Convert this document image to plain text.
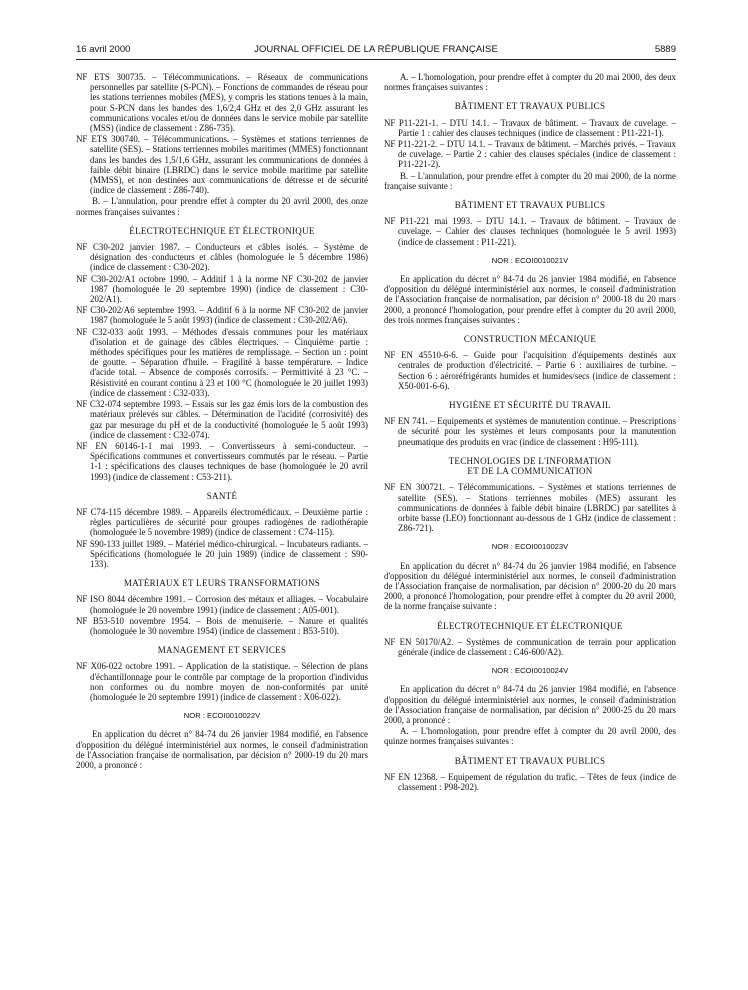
16 avril 2000	JOURNAL OFFICIEL DE LA RÉPUBLIQUE FRANÇAISE	5889
NF ETS 300735. – Télécommunications. – Réseaux de communications personnelles par satellite (S-PCN). – Fonctions de commandes de réseau pour les stations terriennes mobiles (MES), y compris les stations tenues à la main, pour S-PCN dans les bandes des 1,6/2,4 GHz et des 2,0 GHz assurant les communications vocales et/ou de données dans le service mobile par satellite (MSS) (indice de classement : Z86-735).
NF ETS 300740. – Télécommunications. – Systèmes et stations terriennes de satellite (SES). – Stations terriennes mobiles maritimes (MMES) fonctionnant dans les bandes des 1,5/1,6 GHz, assurant les communications de données à faible débit binaire (LBRDC) dans le service mobile maritime par satellite (MMSS), et non destinées aux communications de détresse et de sécurité (indice de classement : Z86-740).

B. – L'annulation, pour prendre effet à compter du 20 avril 2000, des onze normes françaises suivantes :

ÉLECTROTECHNIQUE ET ÉLECTRONIQUE
NF C30-202 janvier 1987. – Conducteurs et câbles isolés. – Système de désignation des conducteurs et câbles (homologuée le 5 décembre 1986) (indice de classement : C30-202).
NF C30-202/A1 octobre 1990. – Additif 1 à la norme NF C30-202 de janvier 1987 (homologuée le 20 septembre 1990) (indice de classement : C30-202/A1).
NF C30-202/A6 septembre 1993. – Additif 6 à la norme NF C30-202 de janvier 1987 (homologuée le 5 août 1993) (indice de classement : C30-202/A6).
NF C32-033 août 1993. – Méthodes d'essais communes pour les matériaux d'isolation et de gainage des câbles électriques. – Cinquième partie : méthodes spécifiques pour les matières de remplissage. – Section un : point de goutte. – Séparation d'huile. – Fragilité à basse température. – Indice d'acide total. – Absence de composés corrosifs. – Permittivité à 23 °C. – Résistivité en courant continu à 23 et 100 °C (homologuée le 20 juillet 1993) (indice de classement : C32-033).
NF C32-074 septembre 1993. – Essais sur les gaz émis lors de la combustion des matériaux prélevés sur câbles. – Détermination de l'acidité (corrosivité) des gaz par mesurage du pH et de la conductivité (homologuée le 5 août 1993) (indice de classement : C32-074).
NF EN 60146-1-1 mai 1993. – Convertisseurs à semi-conducteur. – Spécifications communes et convertisseurs commutés par le réseau. – Partie 1-1 : spécifications des clauses techniques de base (homologuée le 20 avril 1993) (indice de classement : C53-211).
SANTÉ
NF C74-115 décembre 1989. – Appareils électromédicaux. – Deuxième partie : règles particulières de sécurité pour groupes radiogènes de radiothérapie (homologuée le 5 novembre 1989) (indice de classement : C74-115).
NF S90-133 juillet 1989. – Matériel médico-chirurgical. – Incubateurs radiants. – Spécifications (homologuée le 20 juin 1989) (indice de classement : S90-133).
MATÉRIAUX ET LEURS TRANSFORMATIONS
NF ISO 8044 décembre 1991. – Corrosion des métaux et alliages. – Vocabulaire (homologuée le 20 novembre 1991) (indice de classement : A05-001).
NF B53-510 novembre 1954. – Bois de menuiserie. – Nature et qualités (homologuée le 30 novembre 1954) (indice de classement : B53-510).
MANAGEMENT ET SERVICES
NF X06-022 octobre 1991. – Application de la statistique. – Sélection de plans d'échantillonnage pour le contrôle par comptage de la proportion d'individus non conformes ou du nombre moyen de non-conformités par unité (homologuée le 20 septembre 1991) (indice de classement : X06-022).
NOR : ECOI0010022V

En application du décret n° 84-74 du 26 janvier 1984 modifié, en l'absence d'opposition du délégué interministériel aux normes, le conseil d'administration de l'Association française de normalisation, par décision n° 2000-19 du 20 mars 2000, a prononcé :

A. – L'homologation, pour prendre effet à compter du 20 mai 2000, des deux normes françaises suivantes :

BÂTIMENT ET TRAVAUX PUBLICS
NF P11-221-1. – DTU 14.1. – Travaux de bâtiment. – Travaux de cuvelage. – Partie 1 : cahier des clauses techniques (indice de classement : P11-221-1).
NF P11-221-2. – DTU 14.1. – Travaux de bâtiment. – Marchés privés. – Travaux de cuvelage. – Partie 2 : cahier des clauses spéciales (indice de classement : P11-221-2).

B. – L'annulation, pour prendre effet à compter du 20 mai 2000, de la norme française suivante :

BÂTIMENT ET TRAVAUX PUBLICS
NF P11-221 mai 1993. – DTU 14.1. – Travaux de bâtiment. – Travaux de cuvelage. – Cahier des clauses techniques (homologuée le 5 avril 1993) (indice de classement : P11-221).
NOR : ECOI0010021V

En application du décret n° 84-74 du 26 janvier 1984 modifié, en l'absence d'opposition du délégué interministériel aux normes, le conseil d'administration de l'Association française de normalisation, par décision n° 2000-18 du 20 mars 2000, a prononcé l'homologation, pour prendre effet à compter du 20 avril 2000, des trois normes françaises suivantes :

CONSTRUCTION MÉCANIQUE
NF EN 45510-6-6. – Guide pour l'acquisition d'équipements destinés aux centrales de production d'électricité. – Partie 6 : auxiliaires de turbine. – Section 6 : aéroréfrigérants humides et humides/secs (indice de classement : X50-001-6-6).
HYGIÈNE ET SÉCURITÉ DU TRAVAIL
NF EN 741. – Equipements et systèmes de manutention continue. – Prescriptions de sécurité pour les systèmes et leurs composants pour la manutention pneumatique des produits en vrac (indice de classement : H95-111).
TECHNOLOGIES DE L'INFORMATION
ET DE LA COMMUNICATION
NF EN 300721. – Télécommunications. – Systèmes et stations terriennes de satellite (SES). – Stations terriennes mobiles (MES) assurant les communications de données à faible débit binaire (LBRDC) par satellites à orbite basse (LEO) fonctionnant au-dessous de 1 GHz (indice de classement : Z86-721).
NOR : ECOI0010023V

En application du décret n° 84-74 du 26 janvier 1984 modifié, en l'absence d'opposition du délégué interministériel aux normes, le conseil d'administration de l'Association française de normalisation, par décision n° 2000-20 du 20 mars 2000, a prononcé l'homologation, pour prendre effet à compter du 20 avril 2000, de la norme française suivante :

ÉLECTROTECHNIQUE ET ÉLECTRONIQUE
NF EN 50170/A2. – Systèmes de communication de terrain pour application générale (indice de classement : C46-600/A2).
NOR : ECOI0010024V

En application du décret n° 84-74 du 26 janvier 1984 modifié, en l'absence d'opposition du délégué interministériel aux normes, le conseil d'administration de l'Association française de normalisation, par décision n° 2000-25 du 20 mars 2000, a prononcé :

A. – L'homologation, pour prendre effet à compter du 20 avril 2000, des quinze normes françaises suivantes :

BÂTIMENT ET TRAVAUX PUBLICS
NF EN 12368. – Equipement de régulation du trafic. – Têtes de feux (indice de classement : P98-202).
